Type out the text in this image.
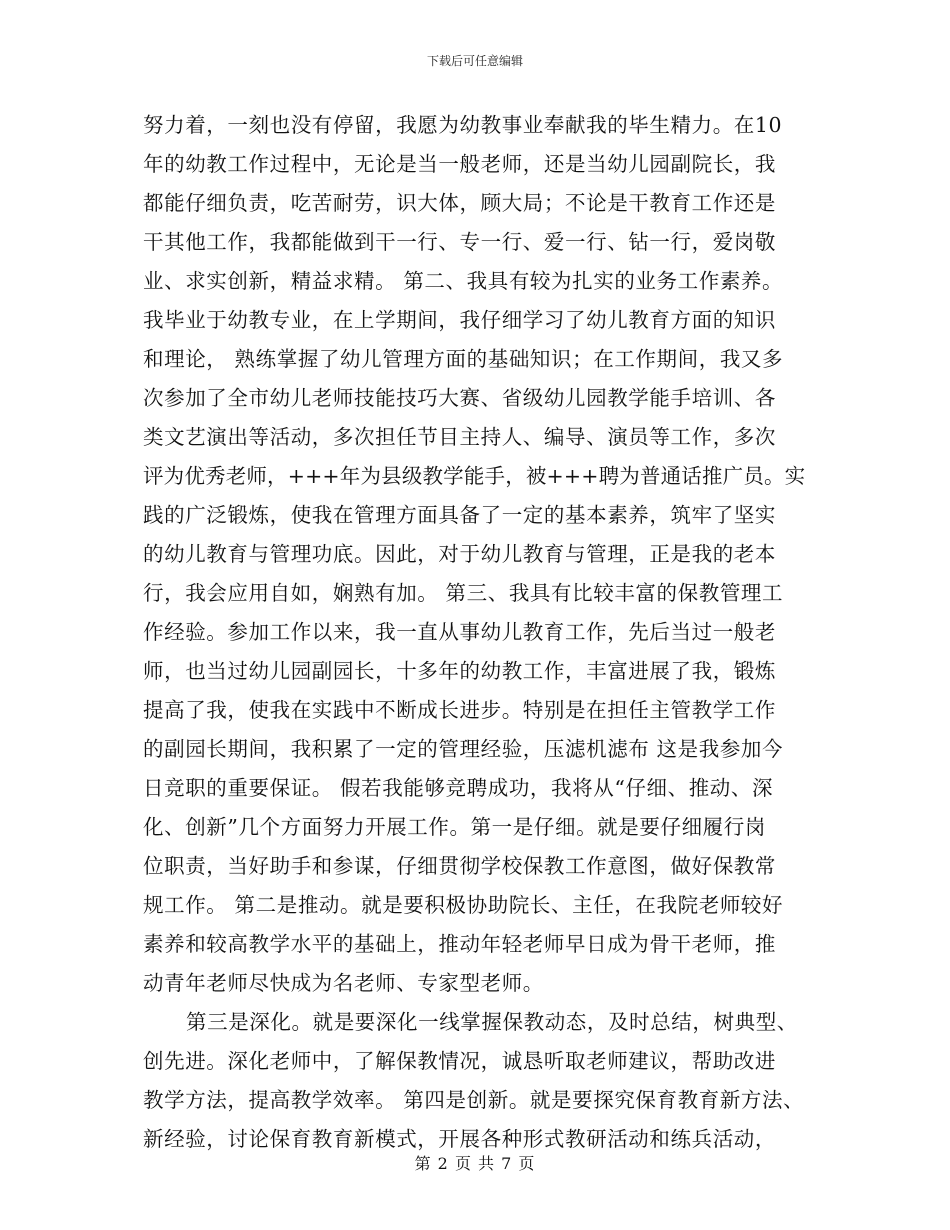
下载后可任意编辑
努力着，一刻也没有停留，我愿为幼教事业奉献我的毕生精力。在10
年的幼教工作过程中，无论是当一般老师，还是当幼儿园副院长，我
都能仔细负责，吃苦耐劳，识大体，顾大局；不论是干教育工作还是
干其他工作，我都能做到干一行、专一行、爱一行、钻一行，爱岗敬
业、求实创新，精益求精。 第二、我具有较为扎实的业务工作素养。
我毕业于幼教专业，在上学期间，我仔细学习了幼儿教育方面的知识
和理论， 熟练掌握了幼儿管理方面的基础知识；在工作期间，我又多
次参加了全市幼儿老师技能技巧大赛、省级幼儿园教学能手培训、各
类文艺演出等活动，多次担任节目主持人、编导、演员等工作，多次
评为优秀老师，+++年为县级教学能手，被+++聘为普通话推广员。实
践的广泛锻炼，使我在管理方面具备了一定的基本素养，筑牢了坚实
的幼儿教育与管理功底。因此，对于幼儿教育与管理，正是我的老本
行，我会应用自如，娴熟有加。 第三、我具有比较丰富的保教管理工
作经验。参加工作以来，我一直从事幼儿教育工作，先后当过一般老
师，也当过幼儿园副园长，十多年的幼教工作，丰富进展了我，锻炼
提高了我，使我在实践中不断成长进步。特别是在担任主管教学工作
的副园长期间，我积累了一定的管理经验，压滤机滤布 这是我参加今
日竞职的重要保证。 假若我能够竞聘成功，我将从“仔细、推动、深
化、创新”几个方面努力开展工作。第一是仔细。就是要仔细履行岗
位职责，当好助手和参谋，仔细贯彻学校保教工作意图，做好保教常
规工作。 第二是推动。就是要积极协助院长、主任，在我院老师较好
素养和较高教学水平的基础上，推动年轻老师早日成为骨干老师，推
动青年老师尽快成为名老师、专家型老师。
第三是深化。就是要深化一线掌握保教动态，及时总结，树典型、
创先进。深化老师中，了解保教情况，诚恳听取老师建议，帮助改进
教学方法，提高教学效率。 第四是创新。就是要探究保育教育新方法、
新经验，讨论保育教育新模式，开展各种形式教研活动和练兵活动，
第 2 页 共 7 页
